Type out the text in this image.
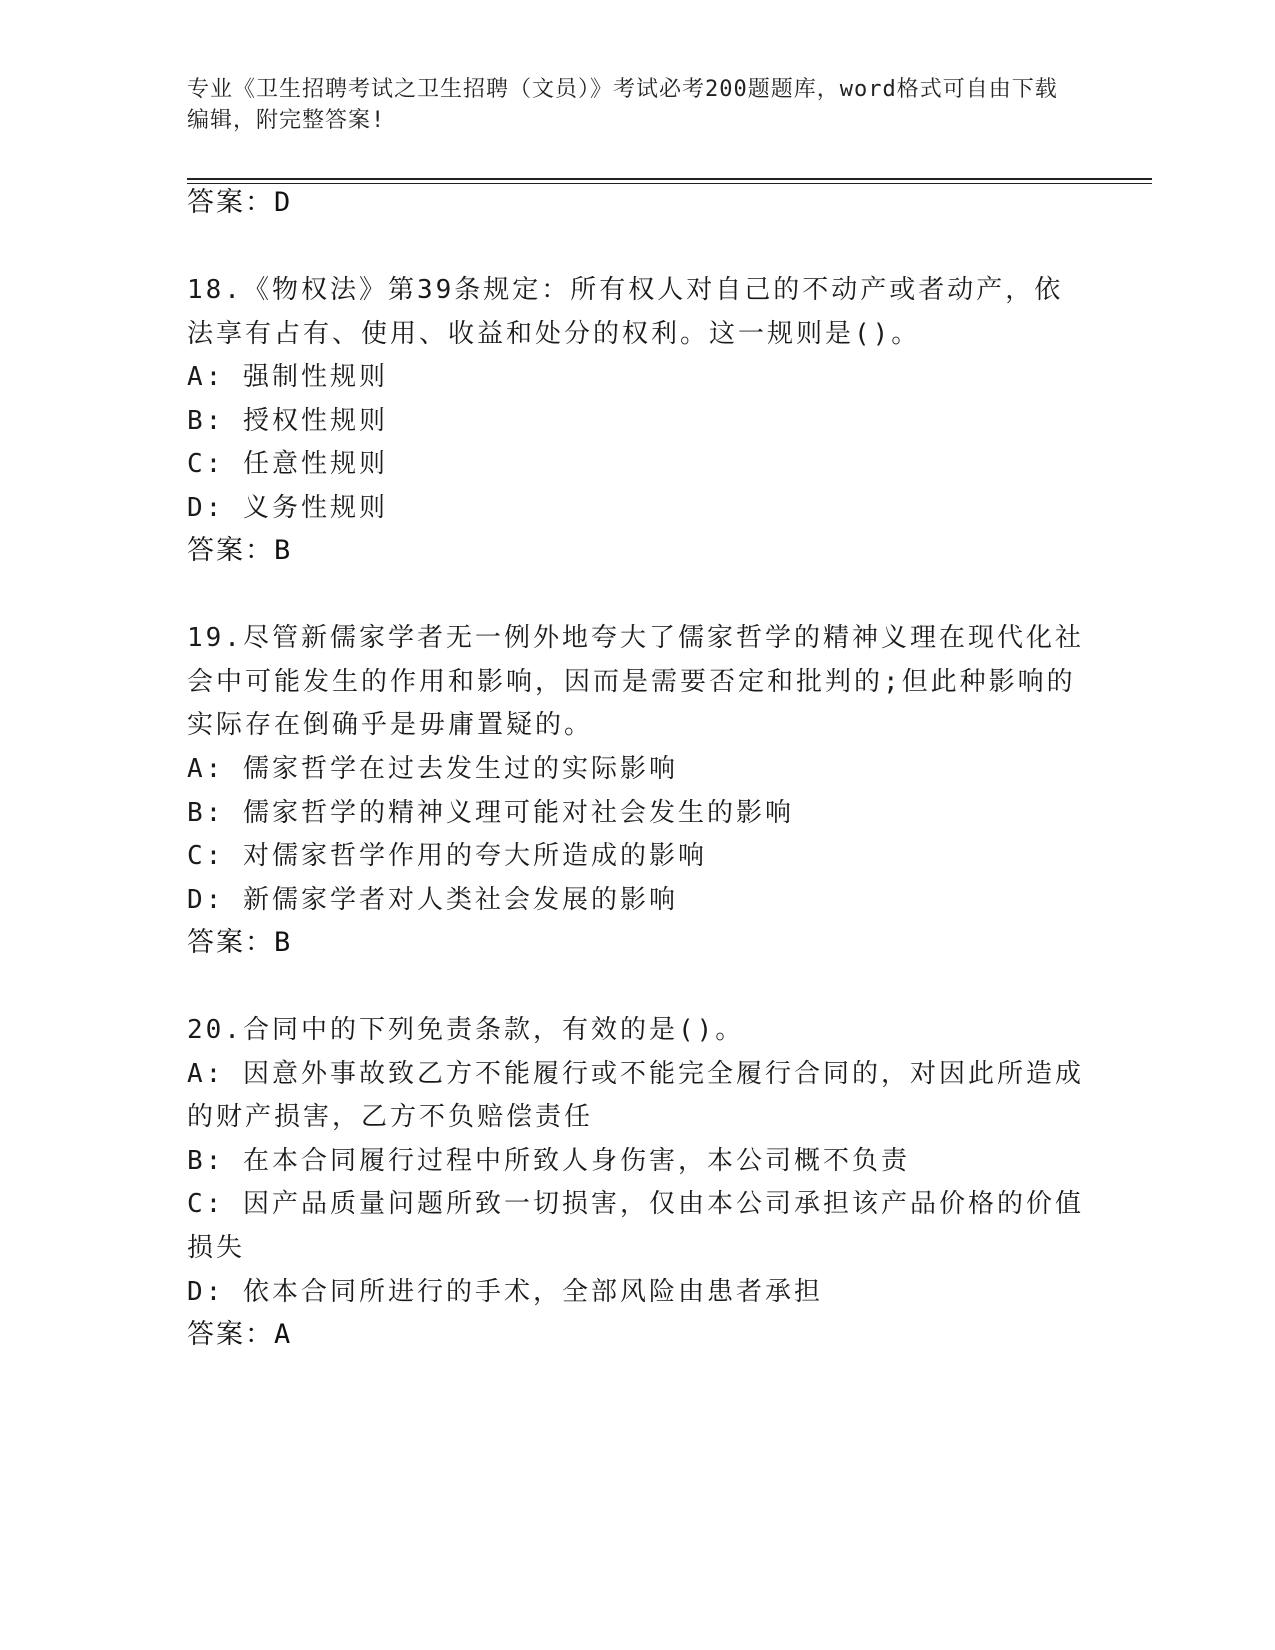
专业《卫生招聘考试之卫生招聘（文员）》考试必考200题题库，word格式可自由下载编辑，附完整答案!
答案：D
18.《物权法》第39条规定：所有权人对自己的不动产或者动产，依
法享有占有、使用、收益和处分的权利。这一规则是()。
A: 强制性规则
B: 授权性规则
C: 任意性规则
D: 义务性规则
答案：B
19.尽管新儒家学者无一例外地夸大了儒家哲学的精神义理在现代化社
会中可能发生的作用和影响，因而是需要否定和批判的;但此种影响的
实际存在倒确乎是毋庸置疑的。
A: 儒家哲学在过去发生过的实际影响
B: 儒家哲学的精神义理可能对社会发生的影响
C: 对儒家哲学作用的夸大所造成的影响
D: 新儒家学者对人类社会发展的影响
答案：B
20.合同中的下列免责条款，有效的是()。
A: 因意外事故致乙方不能履行或不能完全履行合同的，对因此所造成
的财产损害，乙方不负赔偿责任
B: 在本合同履行过程中所致人身伤害，本公司概不负责
C: 因产品质量问题所致一切损害，仅由本公司承担该产品价格的价值
损失
D: 依本合同所进行的手术，全部风险由患者承担
答案：A
